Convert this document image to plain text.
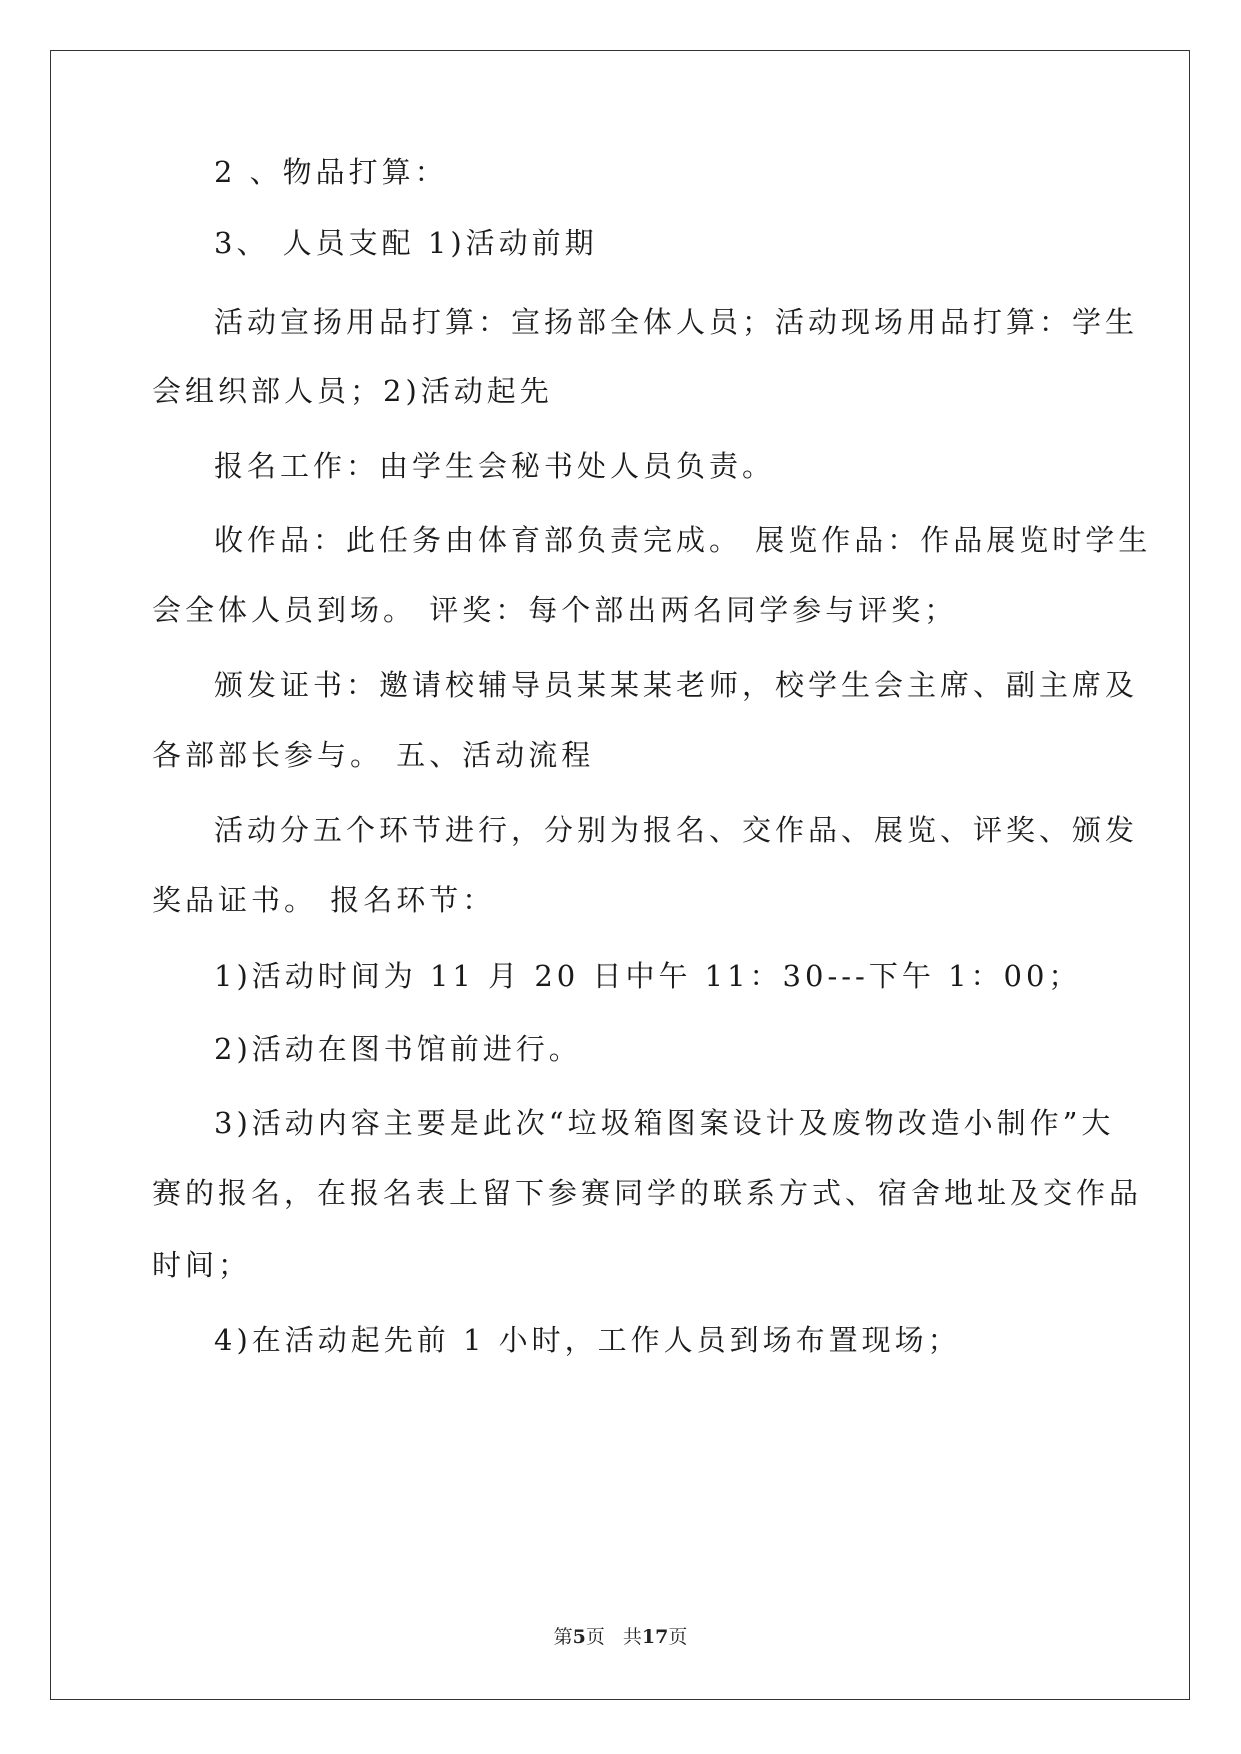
2 、物品打算：
3、 人员支配 1)活动前期
活动宣扬用品打算：宣扬部全体人员；活动现场用品打算：学生
会组织部人员；2)活动起先
报名工作：由学生会秘书处人员负责。
收作品：此任务由体育部负责完成。 展览作品：作品展览时学生
会全体人员到场。 评奖：每个部出两名同学参与评奖；
颁发证书：邀请校辅导员某某某老师，校学生会主席、副主席及
各部部长参与。 五、活动流程
活动分五个环节进行，分别为报名、交作品、展览、评奖、颁发
奖品证书。 报名环节：
1)活动时间为 11 月 20 日中午 11：30---下午 1：00；
2)活动在图书馆前进行。
3)活动内容主要是此次“垃圾箱图案设计及废物改造小制作”大
赛的报名，在报名表上留下参赛同学的联系方式、宿舍地址及交作品
时间；
4)在活动起先前 1 小时，工作人员到场布置现场；
第5页 共17页
